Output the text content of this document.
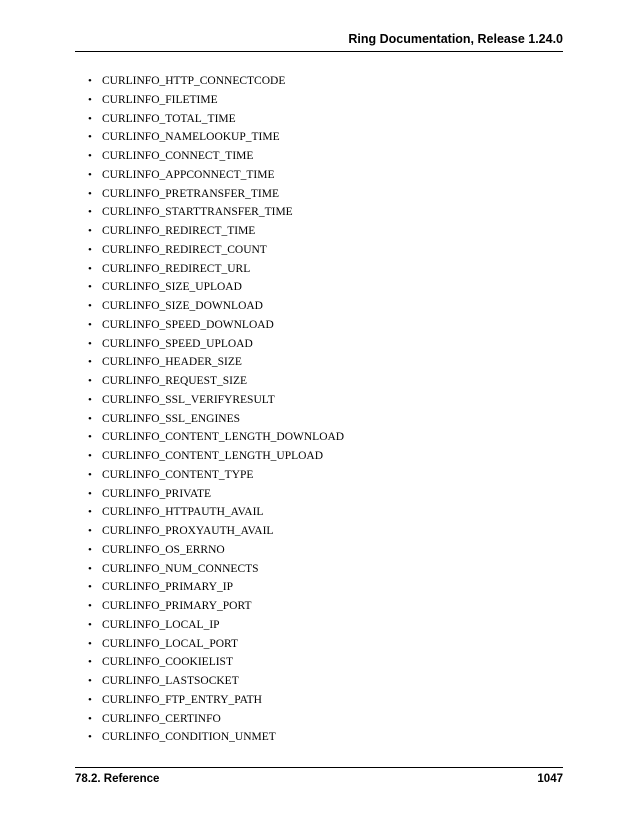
Ring Documentation, Release 1.24.0
• CURLINFO_HTTP_CONNECTCODE
• CURLINFO_FILETIME
• CURLINFO_TOTAL_TIME
• CURLINFO_NAMELOOKUP_TIME
• CURLINFO_CONNECT_TIME
• CURLINFO_APPCONNECT_TIME
• CURLINFO_PRETRANSFER_TIME
• CURLINFO_STARTTRANSFER_TIME
• CURLINFO_REDIRECT_TIME
• CURLINFO_REDIRECT_COUNT
• CURLINFO_REDIRECT_URL
• CURLINFO_SIZE_UPLOAD
• CURLINFO_SIZE_DOWNLOAD
• CURLINFO_SPEED_DOWNLOAD
• CURLINFO_SPEED_UPLOAD
• CURLINFO_HEADER_SIZE
• CURLINFO_REQUEST_SIZE
• CURLINFO_SSL_VERIFYRESULT
• CURLINFO_SSL_ENGINES
• CURLINFO_CONTENT_LENGTH_DOWNLOAD
• CURLINFO_CONTENT_LENGTH_UPLOAD
• CURLINFO_CONTENT_TYPE
• CURLINFO_PRIVATE
• CURLINFO_HTTPAUTH_AVAIL
• CURLINFO_PROXYAUTH_AVAIL
• CURLINFO_OS_ERRNO
• CURLINFO_NUM_CONNECTS
• CURLINFO_PRIMARY_IP
• CURLINFO_PRIMARY_PORT
• CURLINFO_LOCAL_IP
• CURLINFO_LOCAL_PORT
• CURLINFO_COOKIELIST
• CURLINFO_LASTSOCKET
• CURLINFO_FTP_ENTRY_PATH
• CURLINFO_CERTINFO
• CURLINFO_CONDITION_UNMET
78.2. Reference	1047
